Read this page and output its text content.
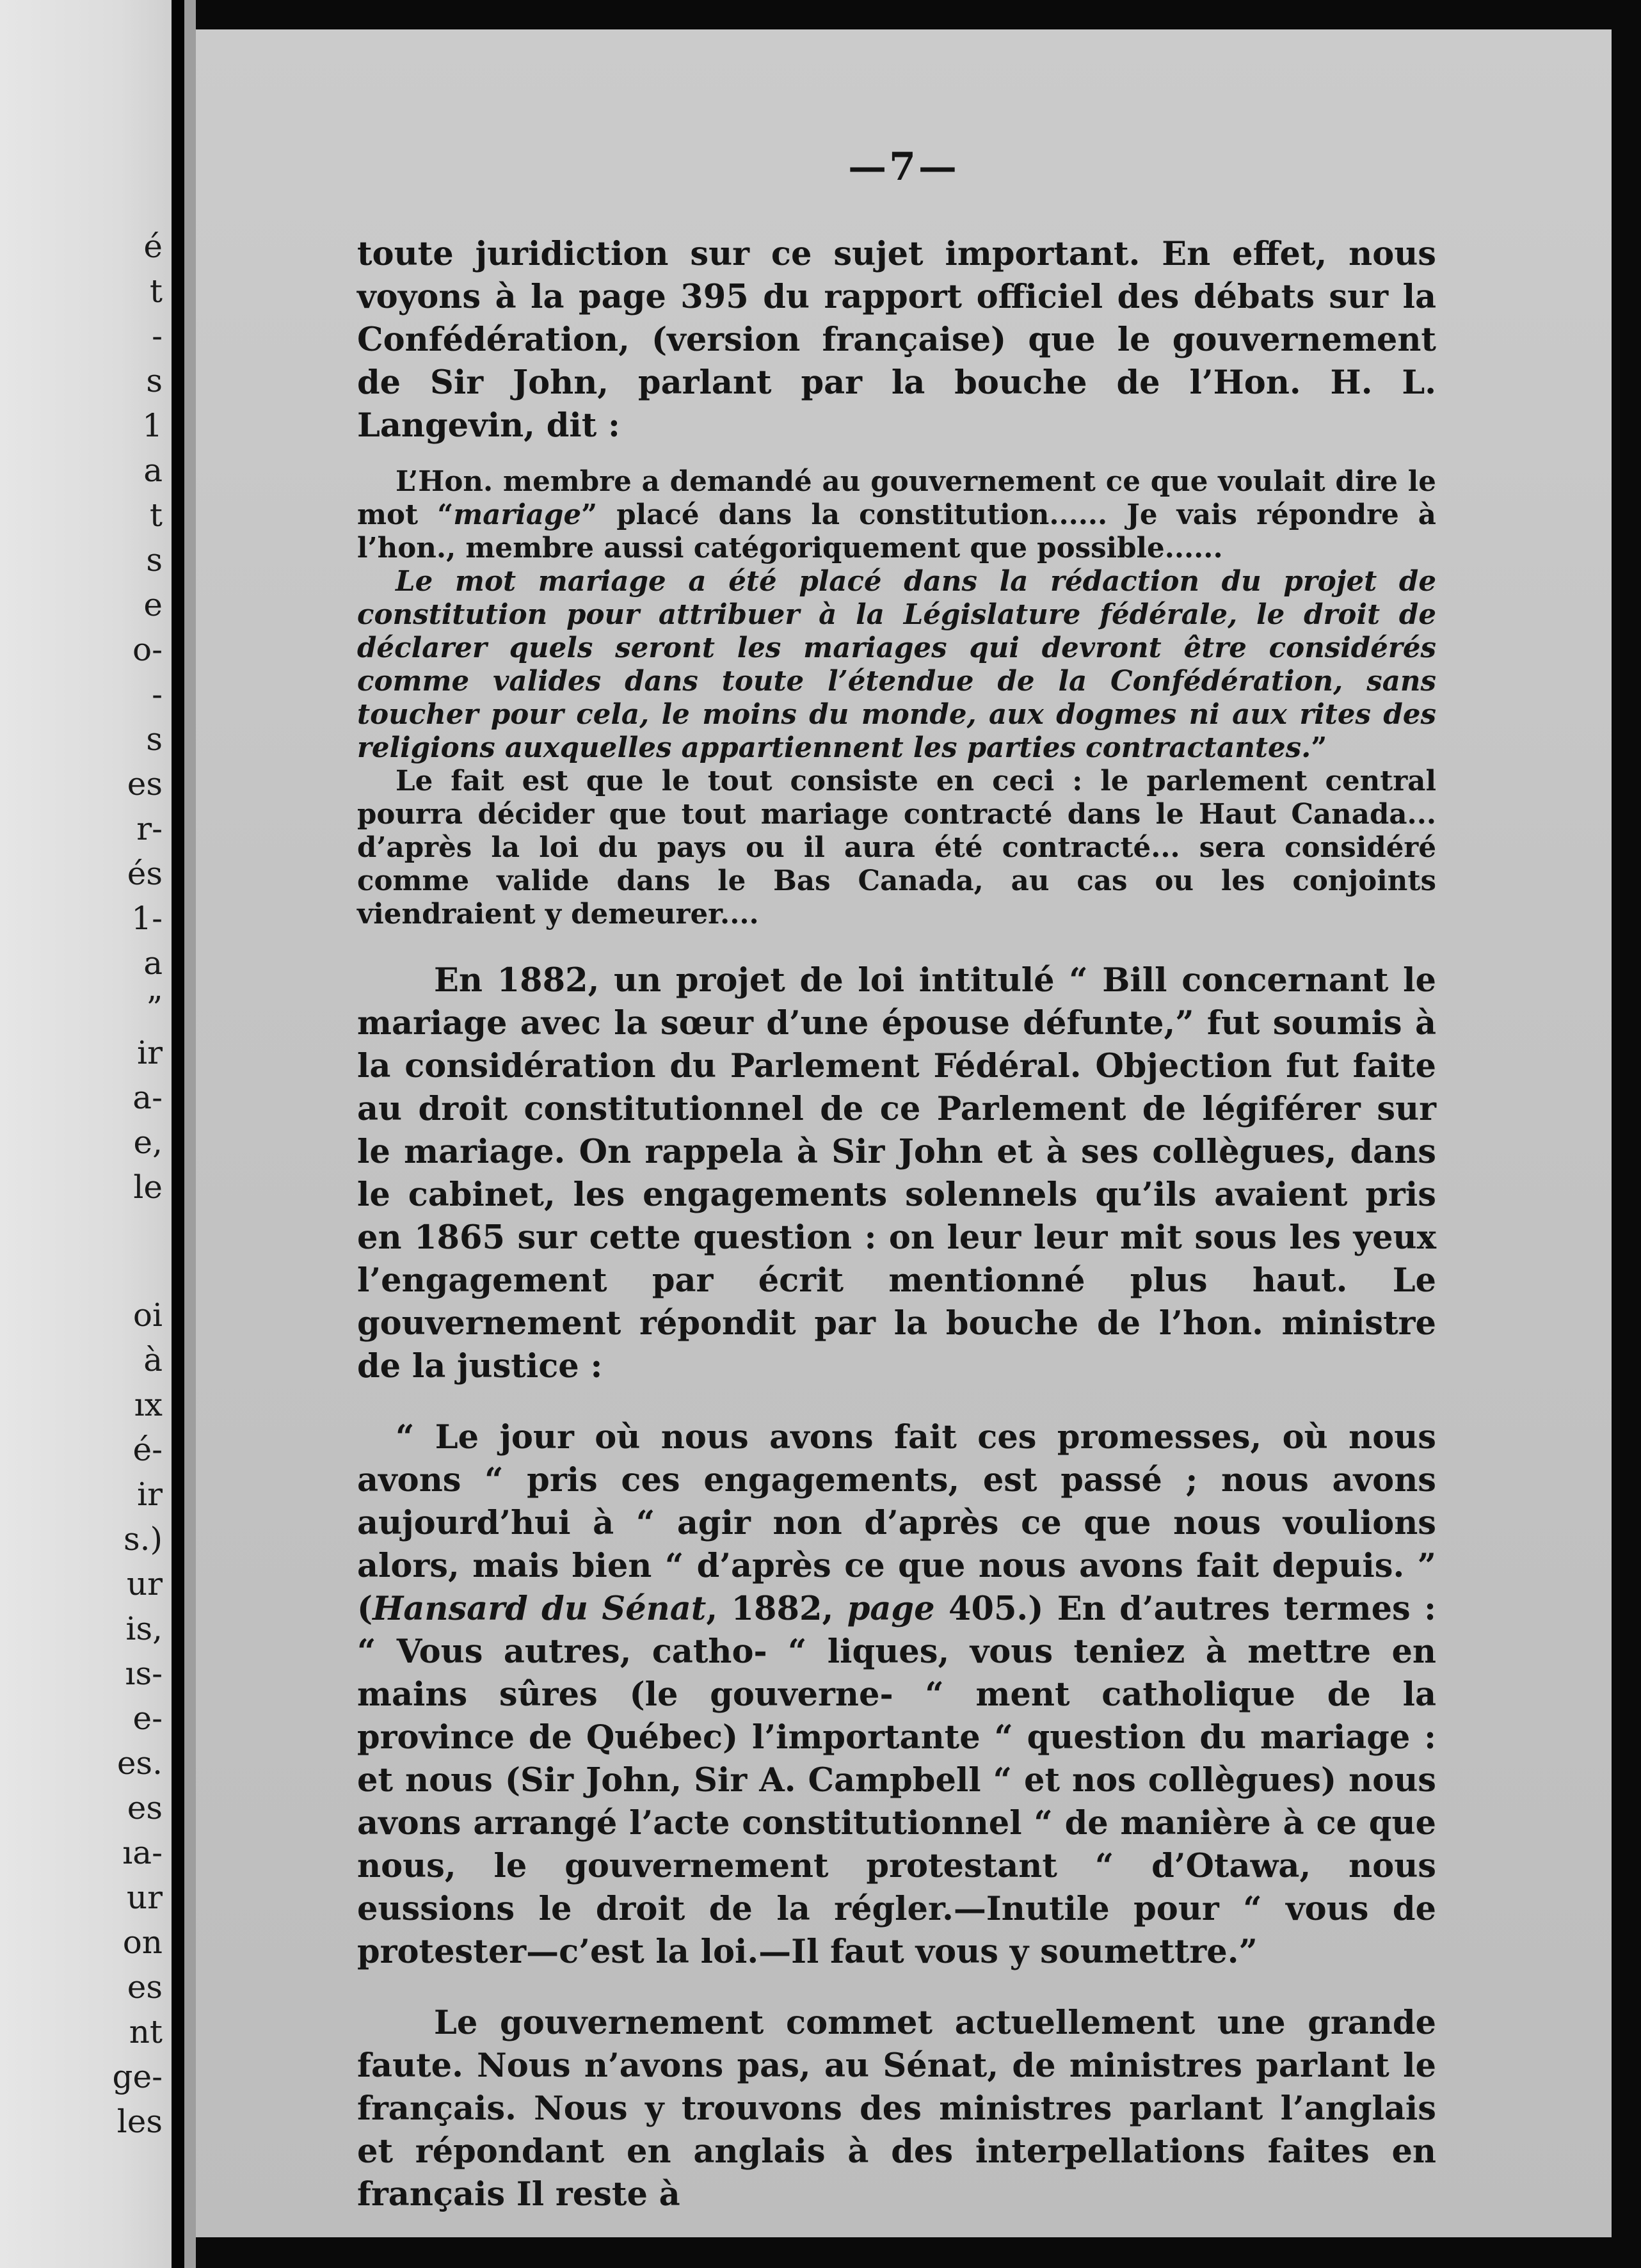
é
t
-
s
1
a
t
s
e
o-
-
s
es
r-
és
1-
a
”
ir
a-
e,
le
oi
à
ıx
é-
ir
s.)
ur
is,
ıs-
e-
es.
es
ıa-
ur
on
es
nt
ge-
les
—7—

toute juridiction sur ce sujet important. En effet, nous voyons à la page 395 du rapport officiel des débats sur la Confédération, (version française) que le gouvernement de Sir John, parlant par la bouche de l’Hon. H. L. Langevin, dit :

L’Hon. membre a demandé au gouvernement ce que voulait dire le mot “mariage” placé dans la constitution...... Je vais répondre à l’hon., membre aussi catégoriquement que possible......

Le mot mariage a été placé dans la rédaction du projet de constitution pour attribuer à la Législature fédérale, le droit de déclarer quels seront les mariages qui devront être considérés comme valides dans toute l’étendue de la Confédération, sans toucher pour cela, le moins du monde, aux dogmes ni aux rites des religions auxquelles appartiennent les parties contractantes.”

Le fait est que le tout consiste en ceci : le parlement central pourra décider que tout mariage contracté dans le Haut Canada... d’après la loi du pays ou il aura été contracté... sera considéré comme valide dans le Bas Canada, au cas ou les conjoints viendraient y demeurer....

En 1882, un projet de loi intitulé “ Bill concernant le mariage avec la sœur d’une épouse défunte,” fut soumis à la considération du Parlement Fédéral. Objection fut faite au droit constitutionnel de ce Parlement de légiférer sur le mariage. On rappela à Sir John et à ses collègues, dans le cabinet, les engagements solennels qu’ils avaient pris en 1865 sur cette question : on leur leur mit sous les yeux l’engagement par écrit mentionné plus haut. Le gouvernement répondit par la bouche de l’hon. ministre de la justice :

“ Le jour où nous avons fait ces promesses, où nous avons “ pris ces engagements, est passé ; nous avons aujourd’hui à “ agir non d’après ce que nous voulions alors, mais bien “ d’après ce que nous avons fait depuis. ” (Hansard du Sénat, 1882, page 405.) En d’autres termes : “ Vous autres, catho- “ liques, vous teniez à mettre en mains sûres (le gouverne- “ ment catholique de la province de Québec) l’importante “ question du mariage : et nous (Sir John, Sir A. Campbell “ et nos collègues) nous avons arrangé l’acte constitutionnel “ de manière à ce que nous, le gouvernement protestant “ d’Otawa, nous eussions le droit de la régler.—Inutile pour “ vous de protester—c’est la loi.—Il faut vous y soumettre.”

Le gouvernement commet actuellement une grande faute. Nous n’avons pas, au Sénat, de ministres parlant le français. Nous y trouvons des ministres parlant l’anglais et répondant en anglais à des interpellations faites en français Il reste à
